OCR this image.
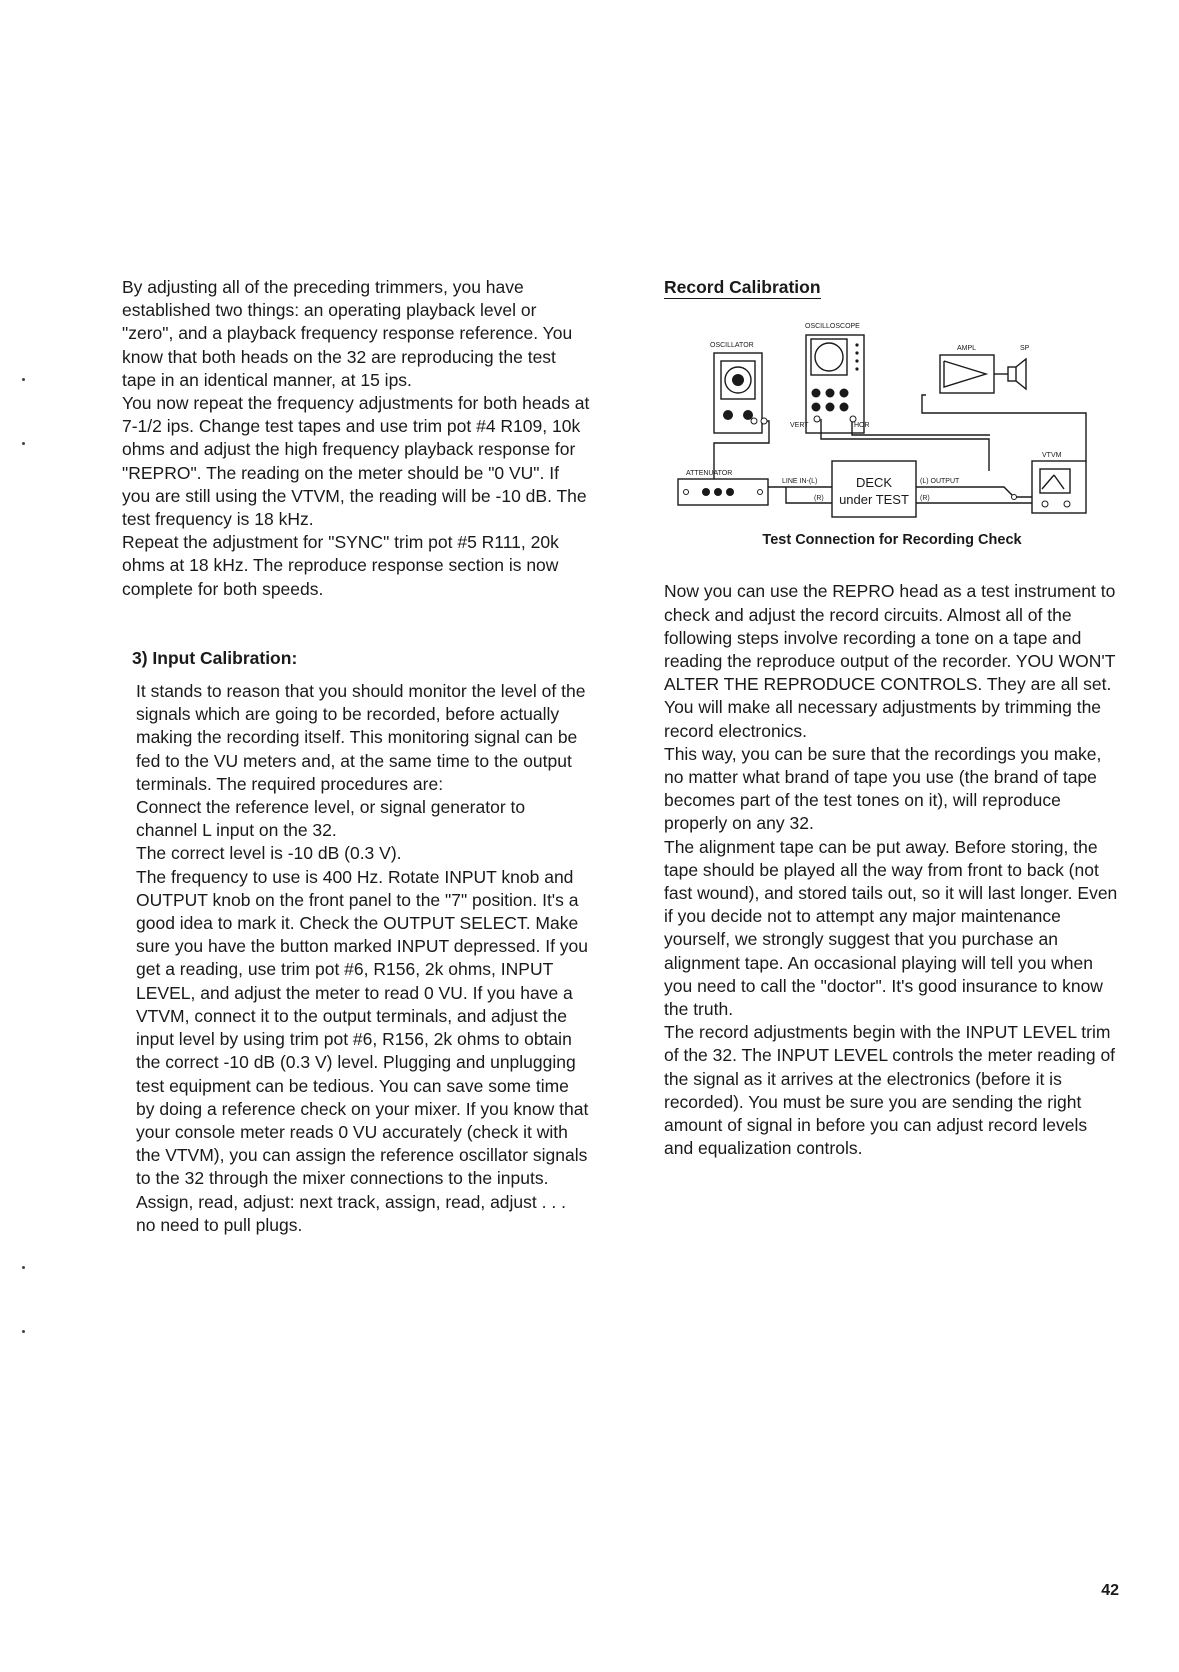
By adjusting all of the preceding trimmers, you have established two things: an operating playback level or "zero", and a playback frequency response reference. You know that both heads on the 32 are reproducing the test tape in an identical manner, at 15 ips.

You now repeat the frequency adjustments for both heads at 7-1/2 ips. Change test tapes and use trim pot #4 R109, 10k ohms and adjust the high frequency playback response for "REPRO". The reading on the meter should be "0 VU". If you are still using the VTVM, the reading will be -10 dB. The test frequency is 18 kHz.

Repeat the adjustment for "SYNC" trim pot #5 R111, 20k ohms at 18 kHz. The reproduce response section is now complete for both speeds.

3) Input Calibration:

It stands to reason that you should monitor the level of the signals which are going to be recorded, before actually making the recording itself. This monitoring signal can be fed to the VU meters and, at the same time to the output terminals. The required procedures are:

Connect the reference level, or signal generator to channel L input on the 32.

The correct level is -10 dB (0.3 V).

The frequency to use is 400 Hz. Rotate INPUT knob and OUTPUT knob on the front panel to the "7" position. It's a good idea to mark it. Check the OUTPUT SELECT. Make sure you have the button marked INPUT depressed. If you get a reading, use trim pot #6, R156, 2k ohms, INPUT LEVEL, and adjust the meter to read 0 VU. If you have a VTVM, connect it to the output terminals, and adjust the input level by using trim pot #6, R156, 2k ohms to obtain the correct -10 dB (0.3 V) level. Plugging and unplugging test equipment can be tedious. You can save some time by doing a reference check on your mixer. If you know that your console meter reads 0 VU accurately (check it with the VTVM), you can assign the reference oscillator signals to the 32 through the mixer connections to the inputs. Assign, read, adjust: next track, assign, read, adjust . . . no need to pull plugs.

Record Calibration
OSCILLOSCOPE
OSCILLATOR	AMPL	SP
VERT	HOR
VTVM
ATTENUATOR
LINE IN-(L)
(R)
(L) OUTPUT
(R)
DECK
under TEST

Test Connection for Recording Check

Now you can use the REPRO head as a test instrument to check and adjust the record circuits. Almost all of the following steps involve recording a tone on a tape and reading the reproduce output of the recorder. YOU WON'T ALTER THE REPRODUCE CONTROLS. They are all set. You will make all necessary adjustments by trimming the record electronics.

This way, you can be sure that the recordings you make, no matter what brand of tape you use (the brand of tape becomes part of the test tones on it), will reproduce properly on any 32.

The alignment tape can be put away. Before storing, the tape should be played all the way from front to back (not fast wound), and stored tails out, so it will last longer. Even if you decide not to attempt any major maintenance yourself, we strongly suggest that you purchase an alignment tape. An occasional playing will tell you when you need to call the "doctor". It's good insurance to know the truth.

The record adjustments begin with the INPUT LEVEL trim of the 32. The INPUT LEVEL controls the meter reading of the signal as it arrives at the electronics (before it is recorded). You must be sure you are sending the right amount of signal in before you can adjust record levels and equalization controls.

42
